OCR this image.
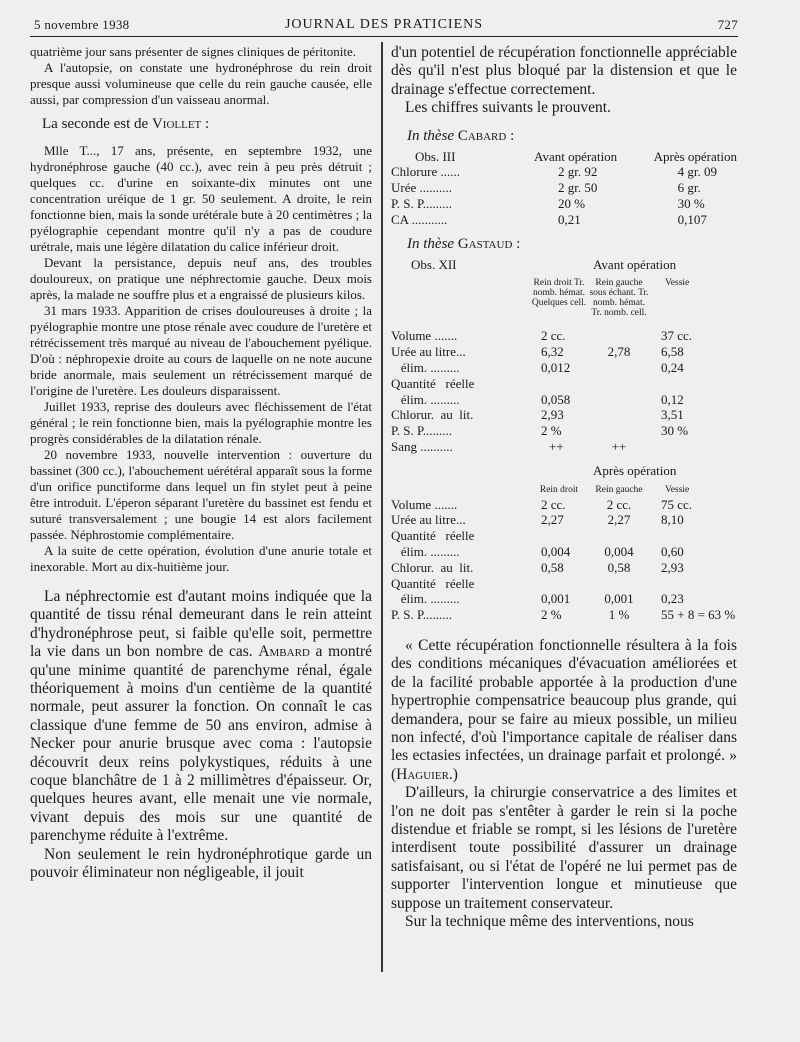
5 novembre 1938	JOURNAL DES PRATICIENS	727

quatrième jour sans présenter de signes cliniques de péritonite.

A l'autopsie, on constate une hydronéphrose du rein droit presque aussi volumineuse que celle du rein gauche causée, elle aussi, par compression d'un vaisseau anormal.

La seconde est de Viollet :

Mlle T..., 17 ans, présente, en septembre 1932, une hydronéphrose gauche (40 cc.), avec rein à peu près détruit ; quelques cc. d'urine en soixante-dix minutes ont une concentration uréique de 1 gr. 50 seulement. A droite, le rein fonctionne bien, mais la sonde urétérale bute à 20 centimètres ; la pyélographie cependant montre qu'il n'y a pas de coudure urétrale, mais une légère dilatation du calice inférieur droit.

Devant la persistance, depuis neuf ans, des troubles douloureux, on pratique une néphrectomie gauche. Deux mois après, la malade ne souffre plus et a engraissé de plusieurs kilos.

31 mars 1933. Apparition de crises douloureuses à droite ; la pyélographie montre une ptose rénale avec coudure de l'uretère et rétrécissement très marqué au niveau de l'abouchement pyélique. D'où : néphropexie droite au cours de laquelle on ne note aucune bride anormale, mais seulement un rétrécissement marqué de l'origine de l'uretère. Les douleurs disparaissent.

Juillet 1933, reprise des douleurs avec fléchissement de l'état général ; le rein fonctionne bien, mais la pyélographie montre les progrès considérables de la dilatation rénale.

20 novembre 1933, nouvelle intervention : ouverture du bassinet (300 cc.), l'abouchement uérétéral apparaît sous la forme d'un orifice punctiforme dans lequel un fin stylet peut à peine être introduit. L'éperon séparant l'uretère du bassinet est fendu et suturé transversalement ; une bougie 14 est alors facilement passée. Néphrostomie complémentaire.

A la suite de cette opération, évolution d'une anurie totale et inexorable. Mort au dix-huitième jour.

La néphrectomie est d'autant moins indiquée que la quantité de tissu rénal demeurant dans le rein atteint d'hydronéphrose peut, si faible qu'elle soit, permettre la vie dans un bon nombre de cas. Ambard a montré qu'une minime quantité de parenchyme rénal, égale théoriquement à moins d'un centième de la quantité normale, peut assurer la fonction. On connaît le cas classique d'une femme de 50 ans environ, admise à Necker pour anurie brusque avec coma : l'autopsie découvrit deux reins polykystiques, réduits à une coque blanchâtre de 1 à 2 millimètres d'épaisseur. Or, quelques heures avant, elle menait une vie normale, vivant depuis des mois sur une quantité de parenchyme réduite à l'extrême.

Non seulement le rein hydronéphrotique garde un pouvoir éliminateur non négligeable, il jouit

d'un potentiel de récupération fonctionnelle appréciable dès qu'il n'est plus bloqué par la distension et que le drainage s'effectue correctement.

Les chiffres suivants le prouvent.

In thèse Cabard :

Obs. III	Avant opération	Après opération
Chlorure ......	2 gr. 92	4 gr. 09
Urée ..........	2 gr. 50	6 gr.
P. S. P.........	20 %	30 %
CA ...........	0,21	0,107

In thèse Gastaud :

Obs. XII	Avant opération		
	Rein droit Tr. nomb. hémat. Quelques cell.	Rein gauche sous échant. Tr. nomb. hémat. Tr. nomb. cell.	Vessie
Volume .......	2 cc.		37 cc.
Urée au litre...	6,32	2,78	6,58
élim. .........	0,012		0,24
Quantité   réelle			
élim. .........	0,058		0,12
Chlorur.  au  lit.	2,93		3,51
P. S. P.........	2 %		30 %
Sang ..........	++	++	
	Après opération		
	Rein droit	Rein gauche	Vessie
Volume .......	2 cc.	2 cc.	75 cc.
Urée au litre...	2,27	2,27	8,10
Quantité   réelle			
élim. .........	0,004	0,004	0,60
Chlorur.  au  lit.	0,58	0,58	2,93
Quantité   réelle			
élim. .........	0,001	0,001	0,23
P. S. P.........	2 %	1 %	55 + 8 = 63 %

« Cette récupération fonctionnelle résultera à la fois des conditions mécaniques d'évacuation améliorées et de la facilité probable apportée à la production d'une hypertrophie compensatrice beaucoup plus grande, qui demandera, pour se faire au mieux possible, un milieu non infecté, d'où l'importance capitale de réaliser dans les ectasies infectées, un drainage parfait et prolongé. » (Haguier.)

D'ailleurs, la chirurgie conservatrice a des limites et l'on ne doit pas s'entêter à garder le rein si la poche distendue et friable se rompt, si les lésions de l'uretère interdisent toute possibilité d'assurer un drainage satisfaisant, ou si l'état de l'opéré ne lui permet pas de supporter l'intervention longue et minutieuse que suppose un traitement conservateur.

Sur la technique même des interventions, nous
